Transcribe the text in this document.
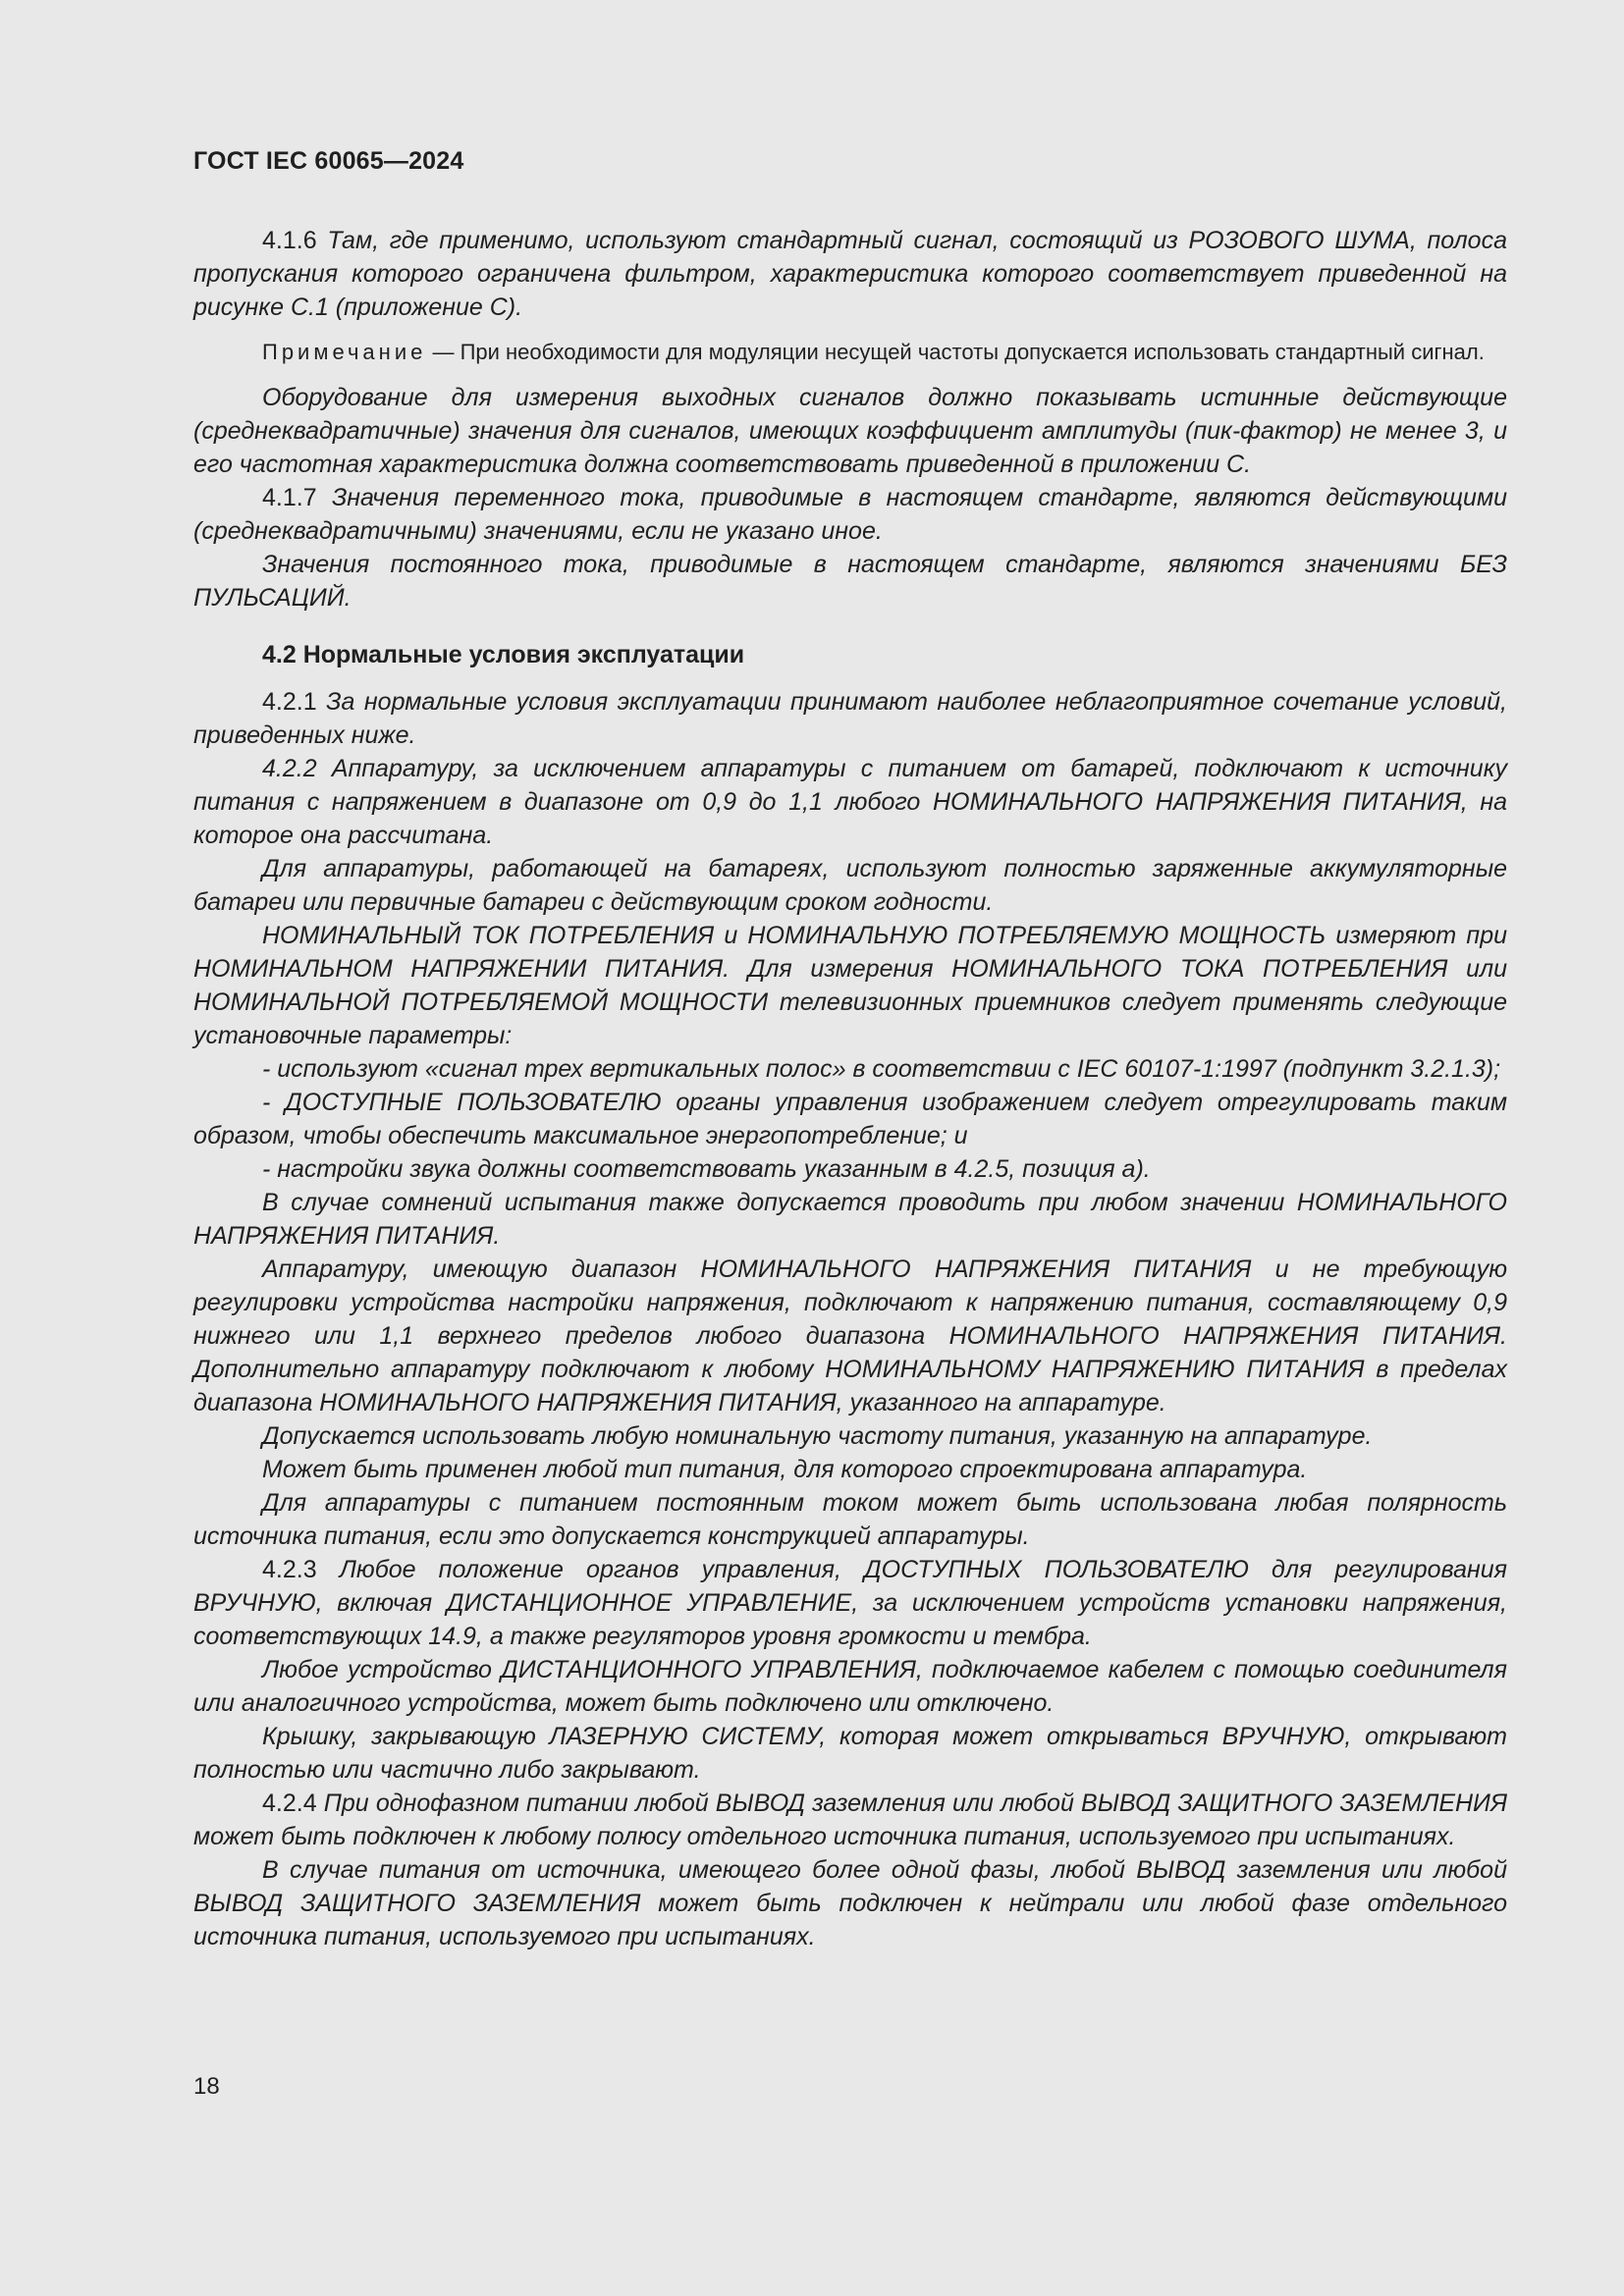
ГОСТ IEC 60065—2024

4.1.6 Там, где применимо, используют стандартный сигнал, состоящий из РОЗОВОГО ШУМА, полоса пропускания которого ограничена фильтром, характеристика которого соответствует приведенной на рисунке С.1 (приложение С).

Примечание — При необходимости для модуляции несущей частоты допускается использовать стандартный сигнал.

Оборудование для измерения выходных сигналов должно показывать истинные действующие (среднеквадратичные) значения для сигналов, имеющих коэффициент амплитуды (пик-фактор) не менее 3, и его частотная характеристика должна соответствовать приведенной в приложении С.

4.1.7 Значения переменного тока, приводимые в настоящем стандарте, являются действующими (среднеквадратичными) значениями, если не указано иное.

Значения постоянного тока, приводимые в настоящем стандарте, являются значениями БЕЗ ПУЛЬСАЦИЙ.

4.2 Нормальные условия эксплуатации

4.2.1 За нормальные условия эксплуатации принимают наиболее неблагоприятное сочетание условий, приведенных ниже.

4.2.2 Аппаратуру, за исключением аппаратуры с питанием от батарей, подключают к источнику питания с напряжением в диапазоне от 0,9 до 1,1 любого НОМИНАЛЬНОГО НАПРЯЖЕНИЯ ПИТАНИЯ, на которое она рассчитана.

Для аппаратуры, работающей на батареях, используют полностью заряженные аккумуляторные батареи или первичные батареи с действующим сроком годности.

НОМИНАЛЬНЫЙ ТОК ПОТРЕБЛЕНИЯ и НОМИНАЛЬНУЮ ПОТРЕБЛЯЕМУЮ МОЩНОСТЬ измеряют при НОМИНАЛЬНОМ НАПРЯЖЕНИИ ПИТАНИЯ. Для измерения НОМИНАЛЬНОГО ТОКА ПОТРЕБЛЕНИЯ или НОМИНАЛЬНОЙ ПОТРЕБЛЯЕМОЙ МОЩНОСТИ телевизионных приемников следует применять следующие установочные параметры:

- используют «сигнал трех вертикальных полос» в соответствии с IEC 60107-1:1997 (подпункт 3.2.1.3);

- ДОСТУПНЫЕ ПОЛЬЗОВАТЕЛЮ органы управления изображением следует отрегулировать таким образом, чтобы обеспечить максимальное энергопотребление; и

- настройки звука должны соответствовать указанным в 4.2.5, позиция а).

В случае сомнений испытания также допускается проводить при любом значении НОМИНАЛЬНОГО НАПРЯЖЕНИЯ ПИТАНИЯ.

Аппаратуру, имеющую диапазон НОМИНАЛЬНОГО НАПРЯЖЕНИЯ ПИТАНИЯ и не требующую регулировки устройства настройки напряжения, подключают к напряжению питания, составляющему 0,9 нижнего или 1,1 верхнего пределов любого диапазона НОМИНАЛЬНОГО НАПРЯЖЕНИЯ ПИТАНИЯ. Дополнительно аппаратуру подключают к любому НОМИНАЛЬНОМУ НАПРЯЖЕНИЮ ПИТАНИЯ в пределах диапазона НОМИНАЛЬНОГО НАПРЯЖЕНИЯ ПИТАНИЯ, указанного на аппаратуре.

Допускается использовать любую номинальную частоту питания, указанную на аппаратуре.

Может быть применен любой тип питания, для которого спроектирована аппаратура.

Для аппаратуры с питанием постоянным током может быть использована любая полярность источника питания, если это допускается конструкцией аппаратуры.

4.2.3 Любое положение органов управления, ДОСТУПНЫХ ПОЛЬЗОВАТЕЛЮ для регулирования ВРУЧНУЮ, включая ДИСТАНЦИОННОЕ УПРАВЛЕНИЕ, за исключением устройств установки напряжения, соответствующих 14.9, а также регуляторов уровня громкости и тембра.

Любое устройство ДИСТАНЦИОННОГО УПРАВЛЕНИЯ, подключаемое кабелем с помощью соединителя или аналогичного устройства, может быть подключено или отключено.

Крышку, закрывающую ЛАЗЕРНУЮ СИСТЕМУ, которая может открываться ВРУЧНУЮ, открывают полностью или частично либо закрывают.

4.2.4 При однофазном питании любой ВЫВОД заземления или любой ВЫВОД ЗАЩИТНОГО ЗАЗЕМЛЕНИЯ может быть подключен к любому полюсу отдельного источника питания, используемого при испытаниях.

В случае питания от источника, имеющего более одной фазы, любой ВЫВОД заземления или любой ВЫВОД ЗАЩИТНОГО ЗАЗЕМЛЕНИЯ может быть подключен к нейтрали или любой фазе отдельного источника питания, используемого при испытаниях.

18
